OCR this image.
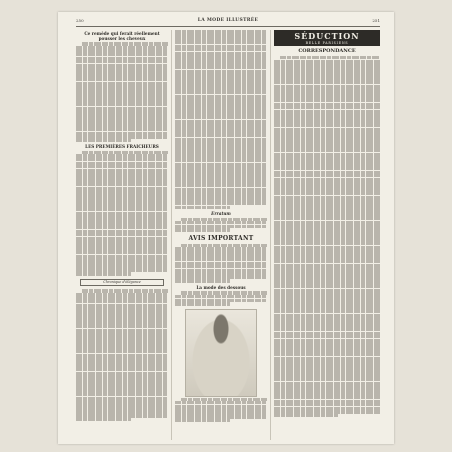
250	LA MODE ILLUSTRÉE	251
Ce remède qui ferait réellement pousser les cheveux
LES PREMIÈRES FRAICHEURS
Chronique d'élégance
Erratum
AVIS IMPORTANT
La mode des dessous
SÉDUCTION
BELLE PARISIENS
CORRESPONDANCE
